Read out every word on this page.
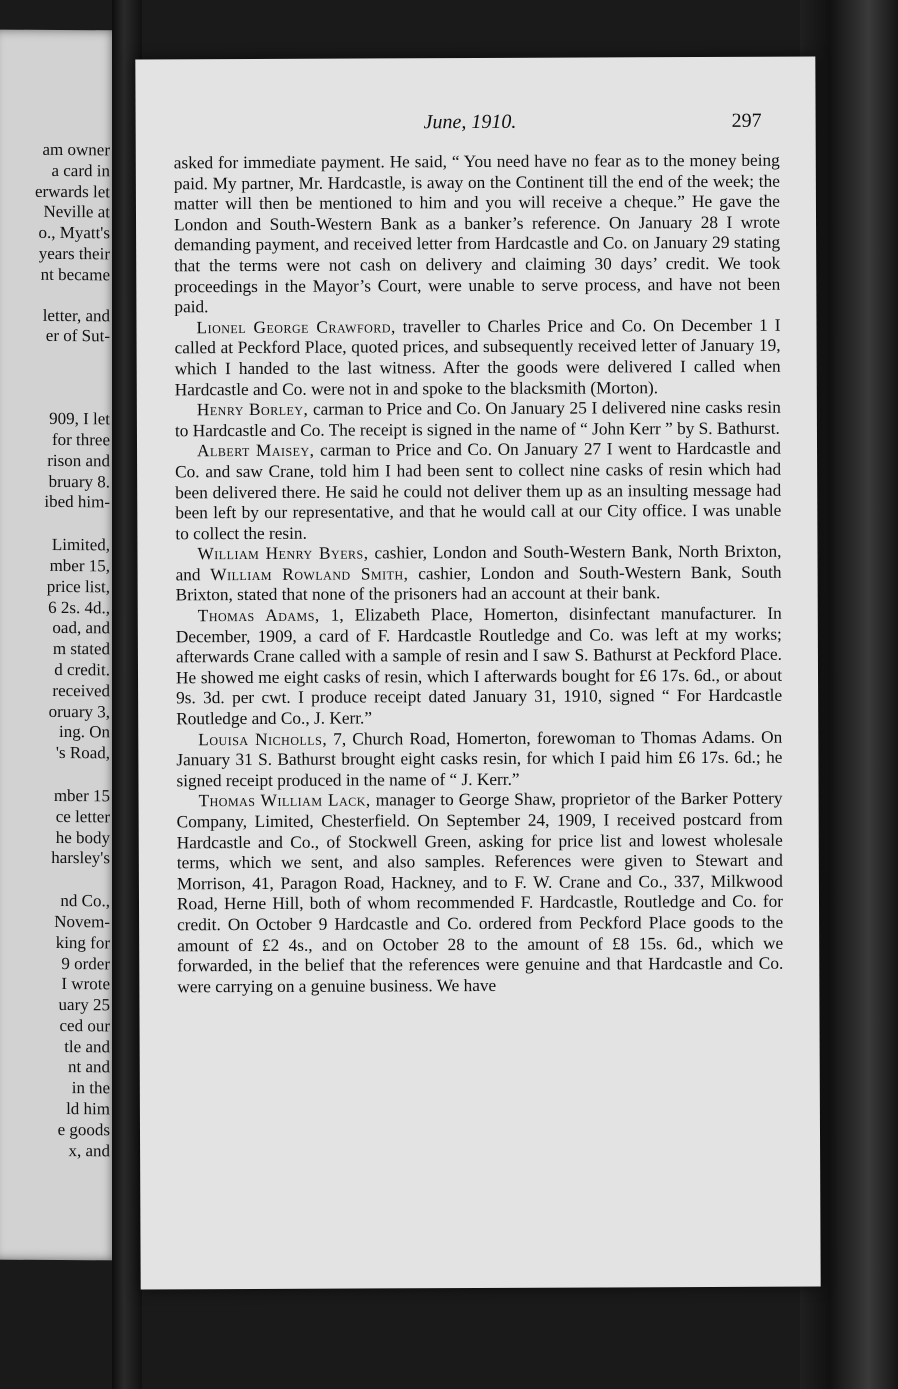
am owner
a card in
erwards let
Neville at
o., Myatt's
years their
nt became
letter, and
er of Sut-
909, I let
for three
rison and
bruary 8.
ibed him-
Limited,
mber 15,
price list,
6 2s. 4d.,
oad, and
m stated
d credit.
received
oruary 3,
ing. On
's Road,
mber 15
ce letter
he body
harsley's
nd Co.,
Novem-
king for
9 order
I wrote
uary 25
ced our
tle and
nt and
in the
ld him
e goods
x, and
June, 1910.	297

asked for immediate payment. He said, “ You need have no fear as to the money being paid. My partner, Mr. Hardcastle, is away on the Continent till the end of the week; the matter will then be mentioned to him and you will receive a cheque.” He gave the London and South-Western Bank as a banker’s reference. On January 28 I wrote demanding payment, and received letter from Hardcastle and Co. on January 29 stating that the terms were not cash on delivery and claiming 30 days’ credit. We took proceedings in the Mayor’s Court, were unable to serve process, and have not been paid.

Lionel George Crawford, traveller to Charles Price and Co. On December 1 I called at Peckford Place, quoted prices, and subsequently received letter of January 19, which I handed to the last witness. After the goods were delivered I called when Hardcastle and Co. were not in and spoke to the blacksmith (Morton).

Henry Borley, carman to Price and Co. On January 25 I delivered nine casks resin to Hardcastle and Co. The receipt is signed in the name of “ John Kerr ” by S. Bathurst.

Albert Maisey, carman to Price and Co. On January 27 I went to Hardcastle and Co. and saw Crane, told him I had been sent to collect nine casks of resin which had been delivered there. He said he could not deliver them up as an insulting message had been left by our representative, and that he would call at our City office. I was unable to collect the resin.

William Henry Byers, cashier, London and South-Western Bank, North Brixton, and William Rowland Smith, cashier, London and South-Western Bank, South Brixton, stated that none of the prisoners had an account at their bank.

Thomas Adams, 1, Elizabeth Place, Homerton, disinfectant manufacturer. In December, 1909, a card of F. Hardcastle Routledge and Co. was left at my works; afterwards Crane called with a sample of resin and I saw S. Bathurst at Peckford Place. He showed me eight casks of resin, which I afterwards bought for £6 17s. 6d., or about 9s. 3d. per cwt. I produce receipt dated January 31, 1910, signed “ For Hardcastle Routledge and Co., J. Kerr.”

Louisa Nicholls, 7, Church Road, Homerton, forewoman to Thomas Adams. On January 31 S. Bathurst brought eight casks resin, for which I paid him £6 17s. 6d.; he signed receipt produced in the name of “ J. Kerr.”

Thomas William Lack, manager to George Shaw, proprietor of the Barker Pottery Company, Limited, Chesterfield. On September 24, 1909, I received postcard from Hardcastle and Co., of Stockwell Green, asking for price list and lowest wholesale terms, which we sent, and also samples. References were given to Stewart and Morrison, 41, Paragon Road, Hackney, and to F. W. Crane and Co., 337, Milkwood Road, Herne Hill, both of whom recommended F. Hardcastle, Routledge and Co. for credit. On October 9 Hardcastle and Co. ordered from Peckford Place goods to the amount of £2 4s., and on October 28 to the amount of £8 15s. 6d., which we forwarded, in the belief that the references were genuine and that Hardcastle and Co. were carrying on a genuine business. We have
